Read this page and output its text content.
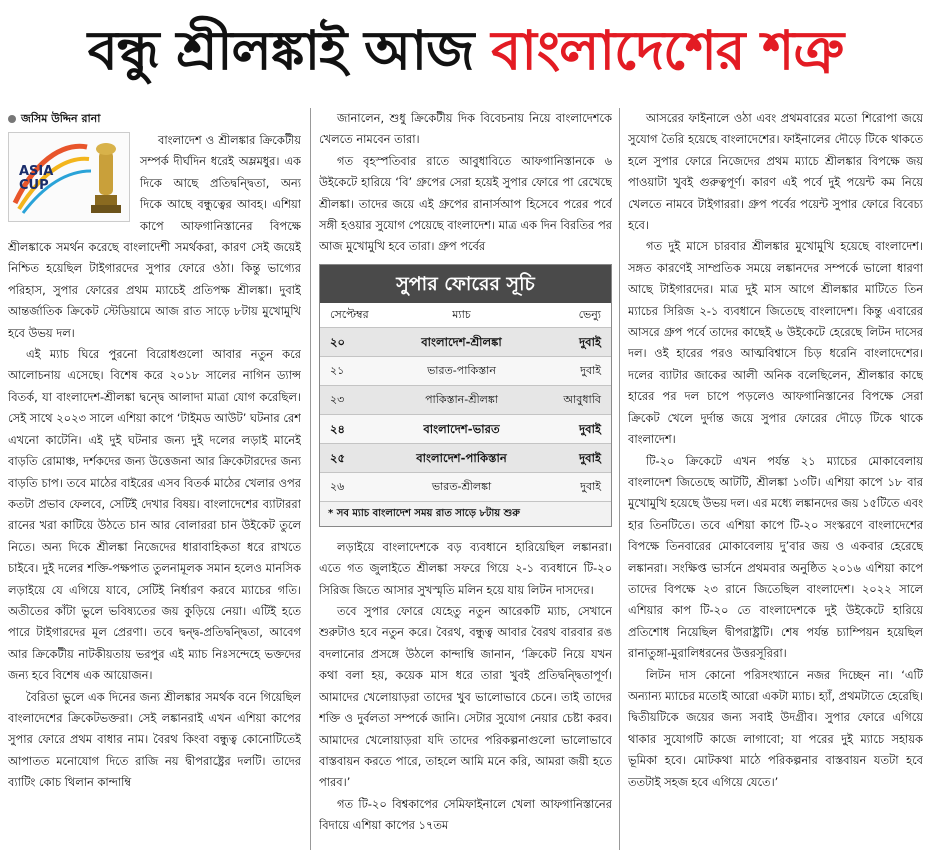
বন্ধু শ্রীলঙ্কাই আজ বাংলাদেশের শত্রু
জসিম উদ্দিন রানা
ASIA
CUP

বাংলাদেশ ও শ্রীলঙ্কার ক্রিকেটীয় সম্পর্ক দীর্ঘদিন ধরেই অম্লমধুর। এক দিকে আছে প্রতিদ্বন্দ্বিতা, অন্য দিকে আছে বন্ধুত্বের আবহ। এশিয়া কাপে আফগানিস্তানের বিপক্ষে শ্রীলঙ্কাকে সমর্থন করেছে বাংলাদেশী সমর্থকরা, কারণ সেই জয়েই নিশ্চিত হয়েছিল টাইগারদের সুপার ফোরে ওঠা। কিন্তু ভাগ্যের পরিহাস, সুপার ফোরের প্রথম ম্যাচেই প্রতিপক্ষ শ্রীলঙ্কা। দুবাই আন্তর্জাতিক ক্রিকেট স্টেডিয়ামে আজ রাত সাড়ে ৮টায় মুখোমুখি হবে উভয় দল।

এই ম্যাচ ঘিরে পুরনো বিরোধগুলো আবার নতুন করে আলোচনায় এসেছে। বিশেষ করে ২০১৮ সালের নাগিন ড্যান্স বিতর্ক, যা বাংলাদেশ-শ্রীলঙ্কা দ্বন্দ্বে আলাদা মাত্রা যোগ করেছিল। সেই সাথে ২০২৩ সালে এশিয়া কাপে ‘টাইমড আউট’ ঘটনার রেশ এখনো কাটেনি। এই দুই ঘটনার জন্য দুই দলের লড়াই মানেই বাড়তি রোমাঞ্চ, দর্শকদের জন্য উত্তেজনা আর ক্রিকেটারদের জন্য বাড়তি চাপ। তবে মাঠের বাইরের এসব বিতর্ক মাঠের খেলার ওপর কতটা প্রভাব ফেলবে, সেটিই দেখার বিষয়। বাংলাদেশের ব্যাটাররা রানের খরা কাটিয়ে উঠতে চান আর বোলাররা চান উইকেট তুলে নিতে। অন্য দিকে শ্রীলঙ্কা নিজেদের ধারাবাহিকতা ধরে রাখতে চাইবে। দুই দলের শক্তি-পক্ষপাত তুলনামূলক সমান হলেও মানসিক লড়াইয়ে যে এগিয়ে যাবে, সেটিই নির্ধারণ করবে ম্যাচের গতি। অতীতের কাঁটা ভুলে ভবিষ্যতের জয় কুড়িয়ে নেয়া। এটিই হতে পারে টাইগারদের মূল প্রেরণা। তবে দ্বন্দ্ব-প্রতিদ্বন্দ্বিতা, আবেগ আর ক্রিকেটীয় নাটকীয়তায় ভরপুর এই ম্যাচ নিঃসন্দেহে ভক্তদের জন্য হবে বিশেষ এক আয়োজন।

বৈরিতা ভুলে এক দিনের জন্য শ্রীলঙ্কার সমর্থক বনে গিয়েছিল বাংলাদেশের ক্রিকেটভক্তরা। সেই লঙ্কানরাই এখন এশিয়া কাপের সুপার ফোরে প্রথম বাধার নাম। বৈরথ কিংবা বন্ধুত্ব কোনোটিতেই আপাতত মনোযোগ দিতে রাজি নয় দ্বীপরাষ্ট্রের দলটি। তাদের ব্যাটিং কোচ থিলান কান্দাম্বি

জানালেন, শুধু ক্রিকেটীয় দিক বিবেচনায় নিয়ে বাংলাদেশকে খেলতে নামবেন তারা।

গত বৃহস্পতিবার রাতে আবুধাবিতে আফগানিস্তানকে ৬ উইকেটে হারিয়ে ‘বি’ গ্রুপের সেরা হয়েই সুপার ফোরে পা রেখেছে শ্রীলঙ্কা। তাদের জয়ে এই গ্রুপের রানার্সআপ হিসেবে পরের পর্বে সঙ্গী হওয়ার সুযোগ পেয়েছে বাংলাদেশ। মাত্র এক দিন বিরতির পর আজ মুখোমুখি হবে তারা। গ্রুপ পর্বের

সুপার ফোরের সূচি
সেপ্টেম্বর	ম্যাচ	ভেন্যু
২০	বাংলাদেশ-শ্রীলঙ্কা	দুবাই
২১	ভারত-পাকিস্তান	দুবাই
২৩	পাকিস্তান-শ্রীলঙ্কা	আবুধাবি
২৪	বাংলাদেশ-ভারত	দুবাই
২৫	বাংলাদেশ-পাকিস্তান	দুবাই
২৬	ভারত-শ্রীলঙ্কা	দুবাই
* সব ম্যাচ বাংলাদেশ সময় রাত সাড়ে ৮টায় শুরু

লড়াইয়ে বাংলাদেশকে বড় ব্যবধানে হারিয়েছিল লঙ্কানরা। এতে গত জুলাইতে শ্রীলঙ্কা সফরে গিয়ে ২-১ ব্যবধানে টি-২০ সিরিজ জিতে আসার সুখস্মৃতি মলিন হয়ে যায় লিটন দাসদের।

তবে সুপার ফোরে যেহেতু নতুন আরেকটি ম্যাচ, সেখানে শুরুটাও হবে নতুন করে। বৈরথ, বন্ধুত্ব আবার বৈরথ বারবার রঙ বদলানোর প্রসঙ্গে উঠলে কান্দাম্বি জানান, ‘ক্রিকেট নিয়ে যখন কথা বলা হয়, কয়েক মাস ধরে তারা খুবই প্রতিদ্বন্দ্বিতাপূর্ণ। আমাদের খেলোয়াড়রা তাদের খুব ভালোভাবে চেনে। তাই তাদের শক্তি ও দুর্বলতা সম্পর্কে জানি। সেটার সুযোগ নেয়ার চেষ্টা করব। আমাদের খেলোয়াড়রা যদি তাদের পরিকল্পনাগুলো ভালোভাবে বাস্তবায়ন করতে পারে, তাহলে আমি মনে করি, আমরা জয়ী হতে পারব।’

গত টি-২০ বিশ্বকাপের সেমিফাইনালে খেলা আফগানিস্তানের বিদায়ে এশিয়া কাপের ১৭তম

আসরের ফাইনালে ওঠা এবং প্রথমবারের মতো শিরোপা জয়ে সুযোগ তৈরি হয়েছে বাংলাদেশের। ফাইনালের দৌড়ে টিকে থাকতে হলে সুপার ফোরে নিজেদের প্রথম ম্যাচে শ্রীলঙ্কার বিপক্ষে জয় পাওয়াটা খুবই গুরুত্বপূর্ণ। কারণ এই পর্বে দুই পয়েন্ট কম নিয়ে খেলতে নামবে টাইগাররা। গ্রুপ পর্বের পয়েন্ট সুপার ফোরে বিবেচ্য হবে।

গত দুই মাসে চারবার শ্রীলঙ্কার মুখোমুখি হয়েছে বাংলাদেশ। সঙ্গত কারণেই সাম্প্রতিক সময়ে লঙ্কানদের সম্পর্কে ভালো ধারণা আছে টাইগারদের। মাত্র দুই মাস আগে শ্রীলঙ্কার মাটিতে তিন ম্যাচের সিরিজ ২-১ ব্যবধানে জিতেছে বাংলাদেশ। কিন্তু এবারের আসরে গ্রুপ পর্বে তাদের কাছেই ৬ উইকেটে হেরেছে লিটন দাসের দল। ওই হারের পরও আত্মবিশ্বাসে চিড় ধরেনি বাংলাদেশের। দলের ব্যাটার জাকের আলী অনিক বলেছিলেন, শ্রীলঙ্কার কাছে হারের পর দল চাপে পড়লেও আফগানিস্তানের বিপক্ষে সেরা ক্রিকেট খেলে দুর্দান্ত জয়ে সুপার ফোরের দৌড়ে টিকে থাকে বাংলাদেশ।

টি-২০ ক্রিকেটে এখন পর্যন্ত ২১ ম্যাচের মোকাবেলায় বাংলাদেশ জিতেছে আটটি, শ্রীলঙ্কা ১৩টি। এশিয়া কাপে ১৮ বার মুখোমুখি হয়েছে উভয় দল। এর মধ্যে লঙ্কানদের জয় ১৫টিতে এবং হার তিনটিতে। তবে এশিয়া কাপে টি-২০ সংস্করণে বাংলাদেশের বিপক্ষে তিনবারের মোকাবেলায় দু’বার জয় ও একবার হেরেছে লঙ্কানরা। সংক্ষিপ্ত ভার্সনে প্রথমবার অনুষ্ঠিত ২০১৬ এশিয়া কাপে তাদের বিপক্ষে ২৩ রানে জিতেছিল বাংলাদেশ। ২০২২ সালে এশিয়ার কাপ টি-২০ তে বাংলাদেশকে দুই উইকেটে হারিয়ে প্রতিশোধ নিয়েছিল দ্বীপরাষ্ট্রটি। শেষ পর্যন্ত চ্যাম্পিয়ন হয়েছিল রানাতুঙ্গা-মুরালিধরনের উত্তরসূরিরা।

লিটন দাস কোনো পরিসংখ্যানে নজর দিচ্ছেন না। ‘এটি অন্যান্য ম্যাচের মতোই আরো একটা ম্যাচ। হ্যাঁ, প্রথমটাতে হেরেছি। দ্বিতীয়টিকে জয়ের জন্য সবাই উদগ্রীব। সুপার ফোরে এগিয়ে থাকার সুযোগটি কাজে লাগাবো; যা পরের দুই ম্যাচে সহায়ক ভূমিকা হবে। মোটকথা মাঠে পরিকল্পনার বাস্তবায়ন যতটা হবে ততটাই সহজ হবে এগিয়ে যেতে।’
